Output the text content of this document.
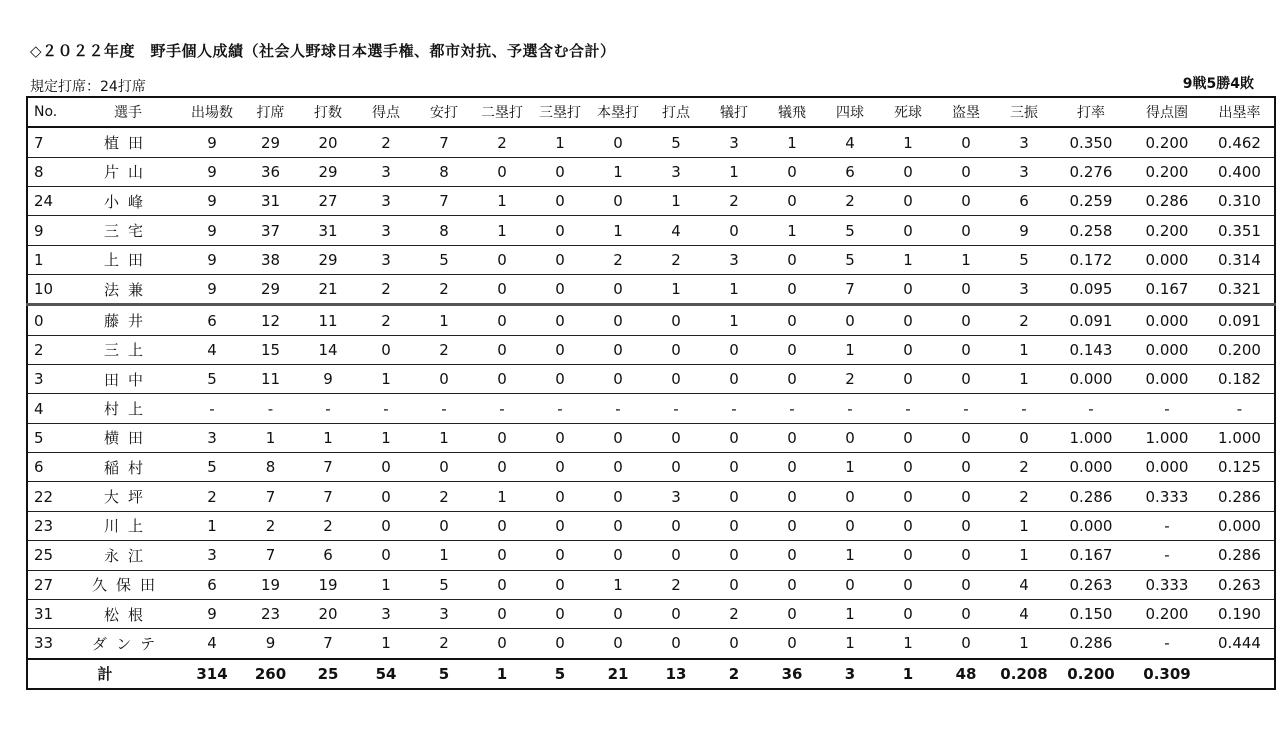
◇２０２２年度　野手個人成績（社会人野球日本選手権、都市対抗、予選含む合計）
規定打席：24打席	9戦5勝4敗
No.	選手	出場数	打席	打数	得点	安打	二塁打	三塁打	本塁打	打点	犠打	犠飛	四球	死球	盗塁	三振	打率	得点圏	出塁率
7	植田	9	29	20	2	7	2	1	0	5	3	1	4	1	0	3	0.350	0.200	0.462
8	片山	9	36	29	3	8	0	0	1	3	1	0	6	0	0	3	0.276	0.200	0.400
24	小峰	9	31	27	3	7	1	0	0	1	2	0	2	0	0	6	0.259	0.286	0.310
9	三宅	9	37	31	3	8	1	0	1	4	0	1	5	0	0	9	0.258	0.200	0.351
1	上田	9	38	29	3	5	0	0	2	2	3	0	5	1	1	5	0.172	0.000	0.314
10	法兼	9	29	21	2	2	0	0	0	1	1	0	7	0	0	3	0.095	0.167	0.321
0	藤井	6	12	11	2	1	0	0	0	0	1	0	0	0	0	2	0.091	0.000	0.091
2	三上	4	15	14	0	2	0	0	0	0	0	0	1	0	0	1	0.143	0.000	0.200
3	田中	5	11	9	1	0	0	0	0	0	0	0	2	0	0	1	0.000	0.000	0.182
4	村上	-	-	-	-	-	-	-	-	-	-	-	-	-	-	-	-	-	-
5	横田	3	1	1	1	1	0	0	0	0	0	0	0	0	0	0	1.000	1.000	1.000
6	稲村	5	8	7	0	0	0	0	0	0	0	0	1	0	0	2	0.000	0.000	0.125
22	大坪	2	7	7	0	2	1	0	0	3	0	0	0	0	0	2	0.286	0.333	0.286
23	川上	1	2	2	0	0	0	0	0	0	0	0	0	0	0	1	0.000	-	0.000
25	永江	3	7	6	0	1	0	0	0	0	0	0	1	0	0	1	0.167	-	0.286
27	久保田	6	19	19	1	5	0	0	1	2	0	0	0	0	0	4	0.263	0.333	0.263
31	松根	9	23	20	3	3	0	0	0	0	2	0	1	0	0	4	0.150	0.200	0.190
33	ダンテ	4	9	7	1	2	0	0	0	0	0	0	1	1	0	1	0.286	-	0.444
計		314	260	25	54	5	1	5	21	13	2	36	3	1	48	0.208	0.200	0.309	
